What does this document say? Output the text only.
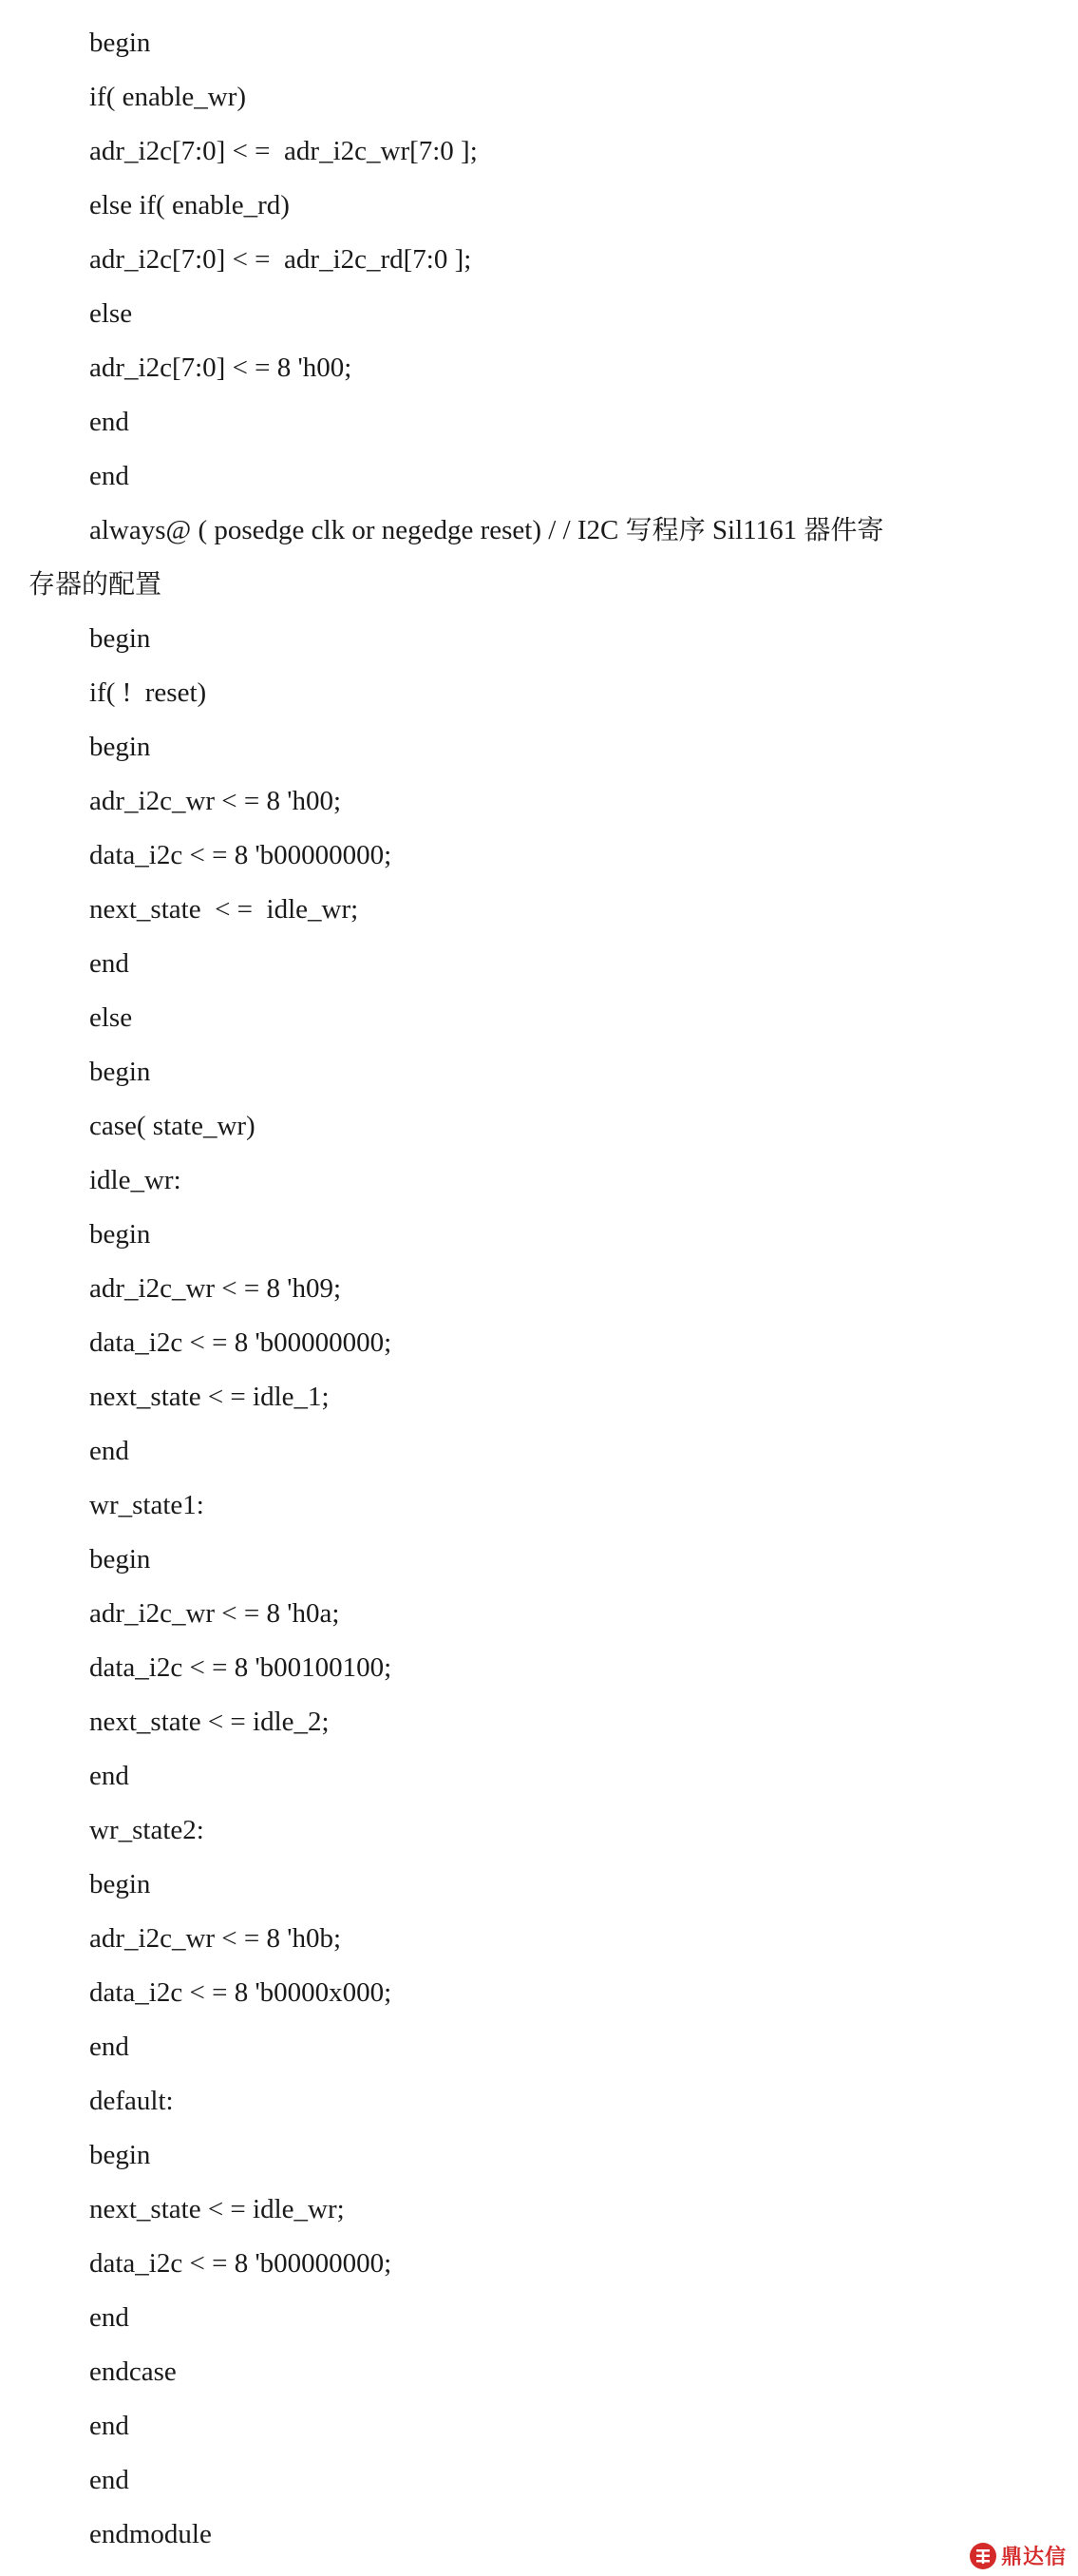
begin
if( enable_wr)
adr_i2c[7:0] < =  adr_i2c_wr[7:0 ];
else if( enable_rd)
adr_i2c[7:0] < =  adr_i2c_rd[7:0 ];
else
adr_i2c[7:0] < = 8 'h00;
end
end
always@ ( posedge clk or negedge reset) / / I2C 写程序 Sil1161 器件寄
存器的配置
begin
if( !  reset)
begin
adr_i2c_wr < = 8 'h00;
data_i2c < = 8 'b00000000;
next_state  < =  idle_wr;
end
else
begin
case( state_wr)
idle_wr:
begin
adr_i2c_wr < = 8 'h09;
data_i2c < = 8 'b00000000;
next_state < = idle_1;
end
wr_state1:
begin
adr_i2c_wr < = 8 'h0a;
data_i2c < = 8 'b00100100;
next_state < = idle_2;
end
wr_state2:
begin
adr_i2c_wr < = 8 'h0b;
data_i2c < = 8 'b0000x000;
end
default:
begin
next_state < = idle_wr;
data_i2c < = 8 'b00000000;
end
endcase
end
end
endmodule
鼎达信
